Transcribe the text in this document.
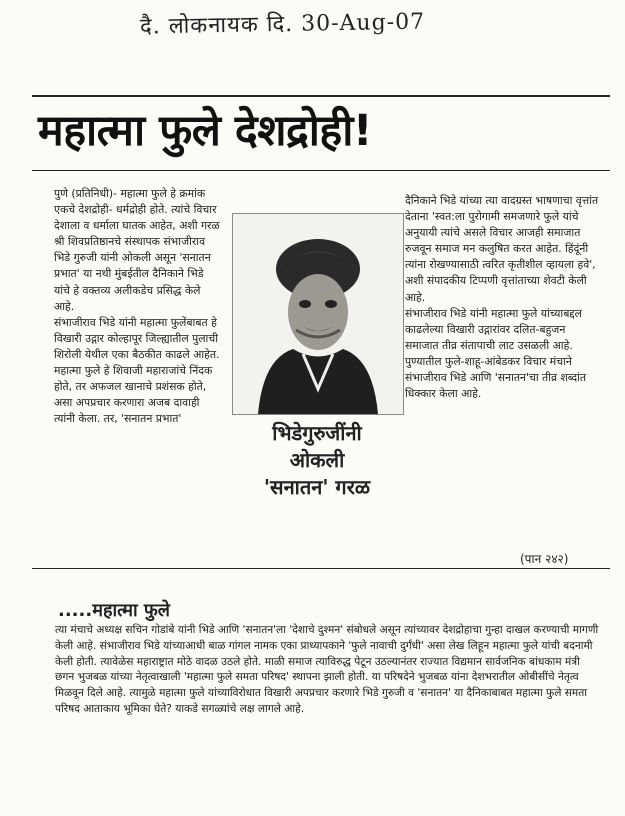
दै. लोकनायक दि. 30-Aug-07
महात्मा फुले देशद्रोही!

पुणे (प्रतिनिधी)- महात्मा फुले हे क्रमांक एकचे देशद्रोही- धर्मद्रोही होते. त्यांचे विचार देशाला व धर्माला घातक आहेत, अशी गरळ श्री शिवप्रतिष्ठानचे संस्थापक संभाजीराव भिडे गुरुजी यांनी ओकली असून 'सनातन प्रभात' या नथी मुंबईतील दैनिकाने भिडे यांचे हे वक्तव्य अलीकडेच प्रसिद्ध केले आहे.

संभाजीराव भिडे यांनी महात्मा फुलेंबाबत हे विखारी उद्गार कोल्हापूर जिल्ह्यातील पुलाची शिरोली येथील एका बैठकीत काढले आहेत. महात्मा फुले हे शिवाजी महाराजांचे निंदक होते, तर अफजल खानाचे प्रशंसक होते, असा अपप्रचार करणारा अजब दावाही त्यांनी केला. तर, 'सनातन प्रभात'

भिडेगुरुजींनी
ओकली
'सनातन' गरळ

दैनिकाने भिडे यांच्या त्या वादग्रस्त भाषणाचा वृत्तांत देताना 'स्वत:ला पुरोगामी समजणारे फुले यांचे अनुयायी त्यांचे असले विचार आजही समाजात रुजवून समाज मन कलुषित करत आहेत. हिंदूंनी त्यांना रोखण्यासाठी त्वरित कृतीशील व्हायला हवे', अशी संपादकीय टिप्पणी वृत्तांताच्या शेवटी केली आहे.

संभाजीराव भिडे यांनी महात्मा फुले यांच्याबद्दल काढलेल्या विखारी उद्गारांवर दलित-बहुजन समाजात तीव्र संतापाची लाट उसळली आहे. पुण्यातील फुले-शाहू-आंबेडकर विचार मंचाने संभाजीराव भिडे आणि 'सनातन'चा तीव्र शब्दांत धिक्कार केला आहे.

(पान २४२)
.....महात्मा फुले
त्या मंचाचे अध्यक्ष सचिन गोडांबे यांनी भिडे आणि 'सनातन'ला 'देशाचे दुश्मन' संबोधले असून त्यांच्यावर देशद्रोहाचा गुन्हा दाखल करण्याची मागणी केली आहे. संभाजीराव भिडे यांच्याआधी बाळ गांगल नामक एका प्राध्यापकाने 'फुले नावाची दुर्गंधी' असा लेख लिहून महात्मा फुले यांची बदनामी केली होती. त्यावेळेस महाराष्ट्रात मोठे वादळ उठले होते. माळी समाज त्याविरुद्ध पेटून उठल्यानंतर राज्यात विद्यमान सार्वजनिक बांधकाम मंत्री छगन भुजबळ यांच्या नेतृत्वाखाली 'महात्मा फुले समता परिषद' स्थापना झाली होती. या परिषदेने भुजबळ यांना देशभरातील ओबीसींचे नेतृत्व मिळवून दिले आहे. त्यामुळे महात्मा फुले यांच्याविरोधात विखारी अपप्रचार करणारे भिडे गुरुजी व 'सनातन' या दैनिकाबाबत महात्मा फुले समता परिषद आताकाय भूमिका घेते? याकडे सगळ्यांचे लक्ष लागले आहे.
